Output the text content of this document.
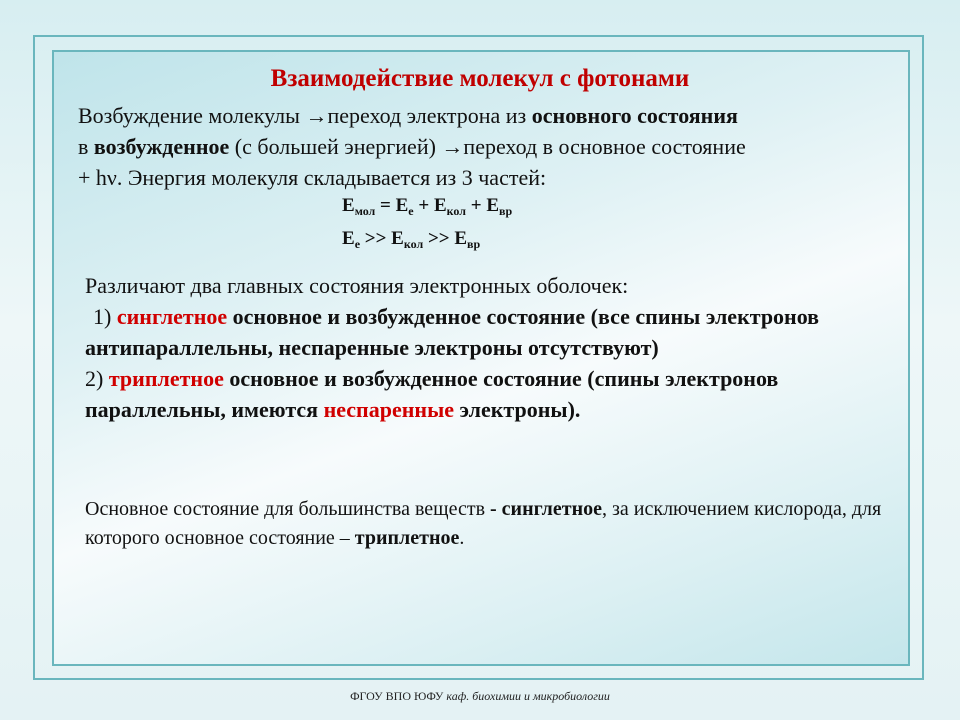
Взаимодействие молекул с фотонами
Возбуждение молекулы →переход электрона из основного состояния
в возбужденное (с большей энергией) →переход в основное состояние
+ hν. Энергия молекуля складывается из 3 частей:
$Е_{мол} = Е_е + Е_{кол} + Е_{вр}$
$Е_е >> Е_{кол} >> Е_{вр}$
Различают два главных состояния электронных оболочек:
1) синглетное основное и возбужденное состояние (все спины электронов антипараллельны, неспаренные электроны отсутствуют)
2) триплетное основное и возбужденное состояние (спины электронов параллельны, имеются неспаренные электроны).
Основное состояние для большинства веществ - синглетное, за исключением кислорода, для которого основное состояние – триплетное.
ФГОУ ВПО ЮФУ каф. биохимии и микробиологии
